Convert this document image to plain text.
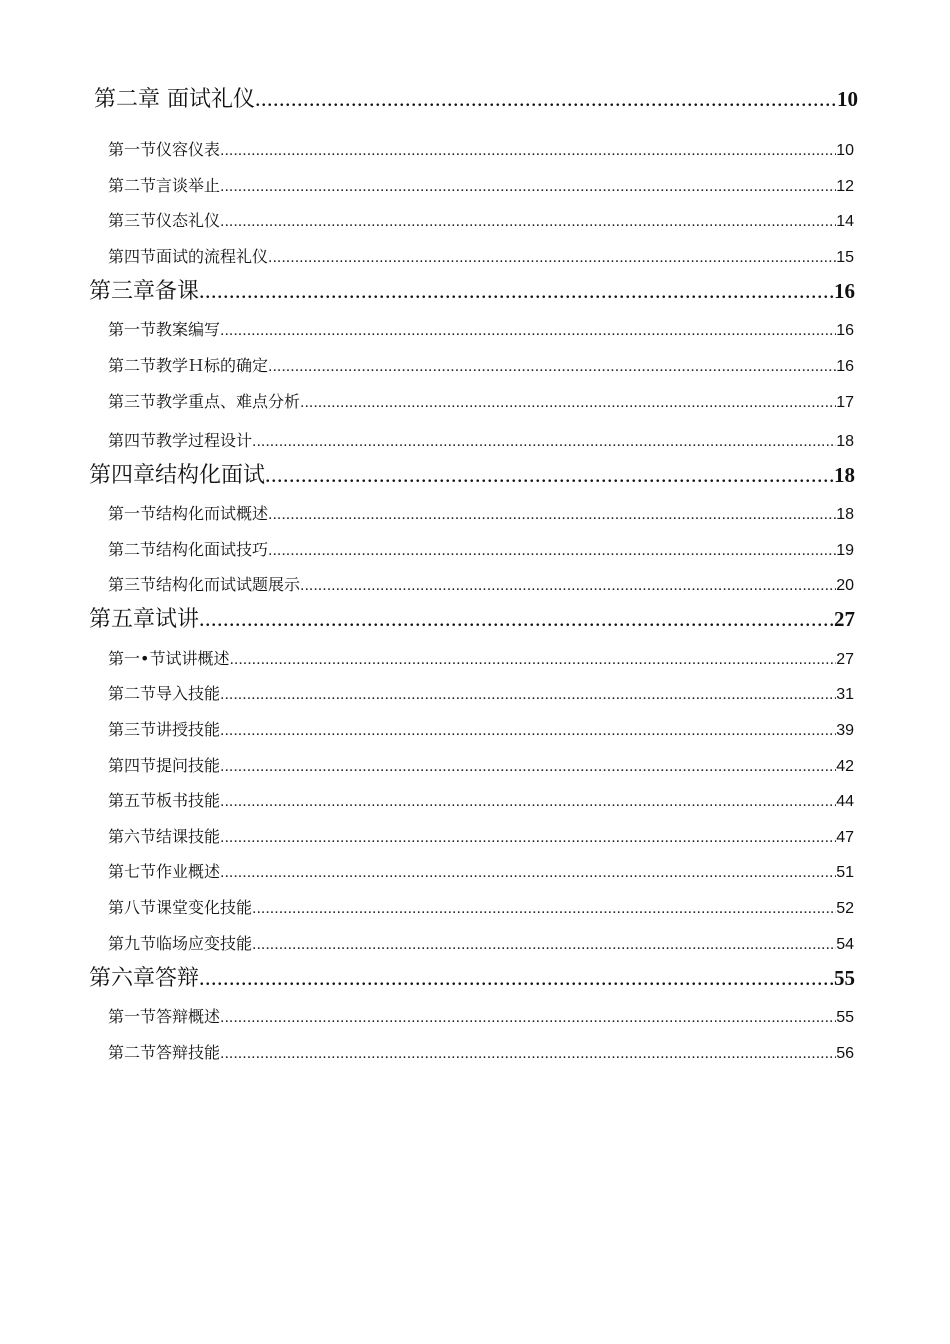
第二章 面试礼仪 .....	10
第一节仪容仪表 .....	10
第二节言谈举止 .....	12
第三节仪态礼仪 .....	14
第四节面试的流程礼仪 .....	15
第三章备课 .....	16
第一节教案编写 .....	16
第二节教学Ｈ标的确定 .....	16
第三节教学重点、难点分析 .....	17
第四节教学过程设计 .....	18
第四章结构化面试 .....	18
第一节结构化而试概述 .....	18
第二节结构化面试技巧 .....	19
第三节结构化而试试题展示 .....	20
第五章试讲 .....	27
第一•节试讲概述 .....	27
第二节导入技能 .....	31
第三节讲授技能 .....	39
第四节提问技能 .....	42
第五节板书技能 .....	44
第六节结课技能 .....	47
第七节作业概述 .....	51
第八节课堂变化技能 .....	52
第九节临场应变技能 .....	54
第六章答辩 .....	55
第一节答辩概述 .....	55
第二节答辩技能 .....	56
